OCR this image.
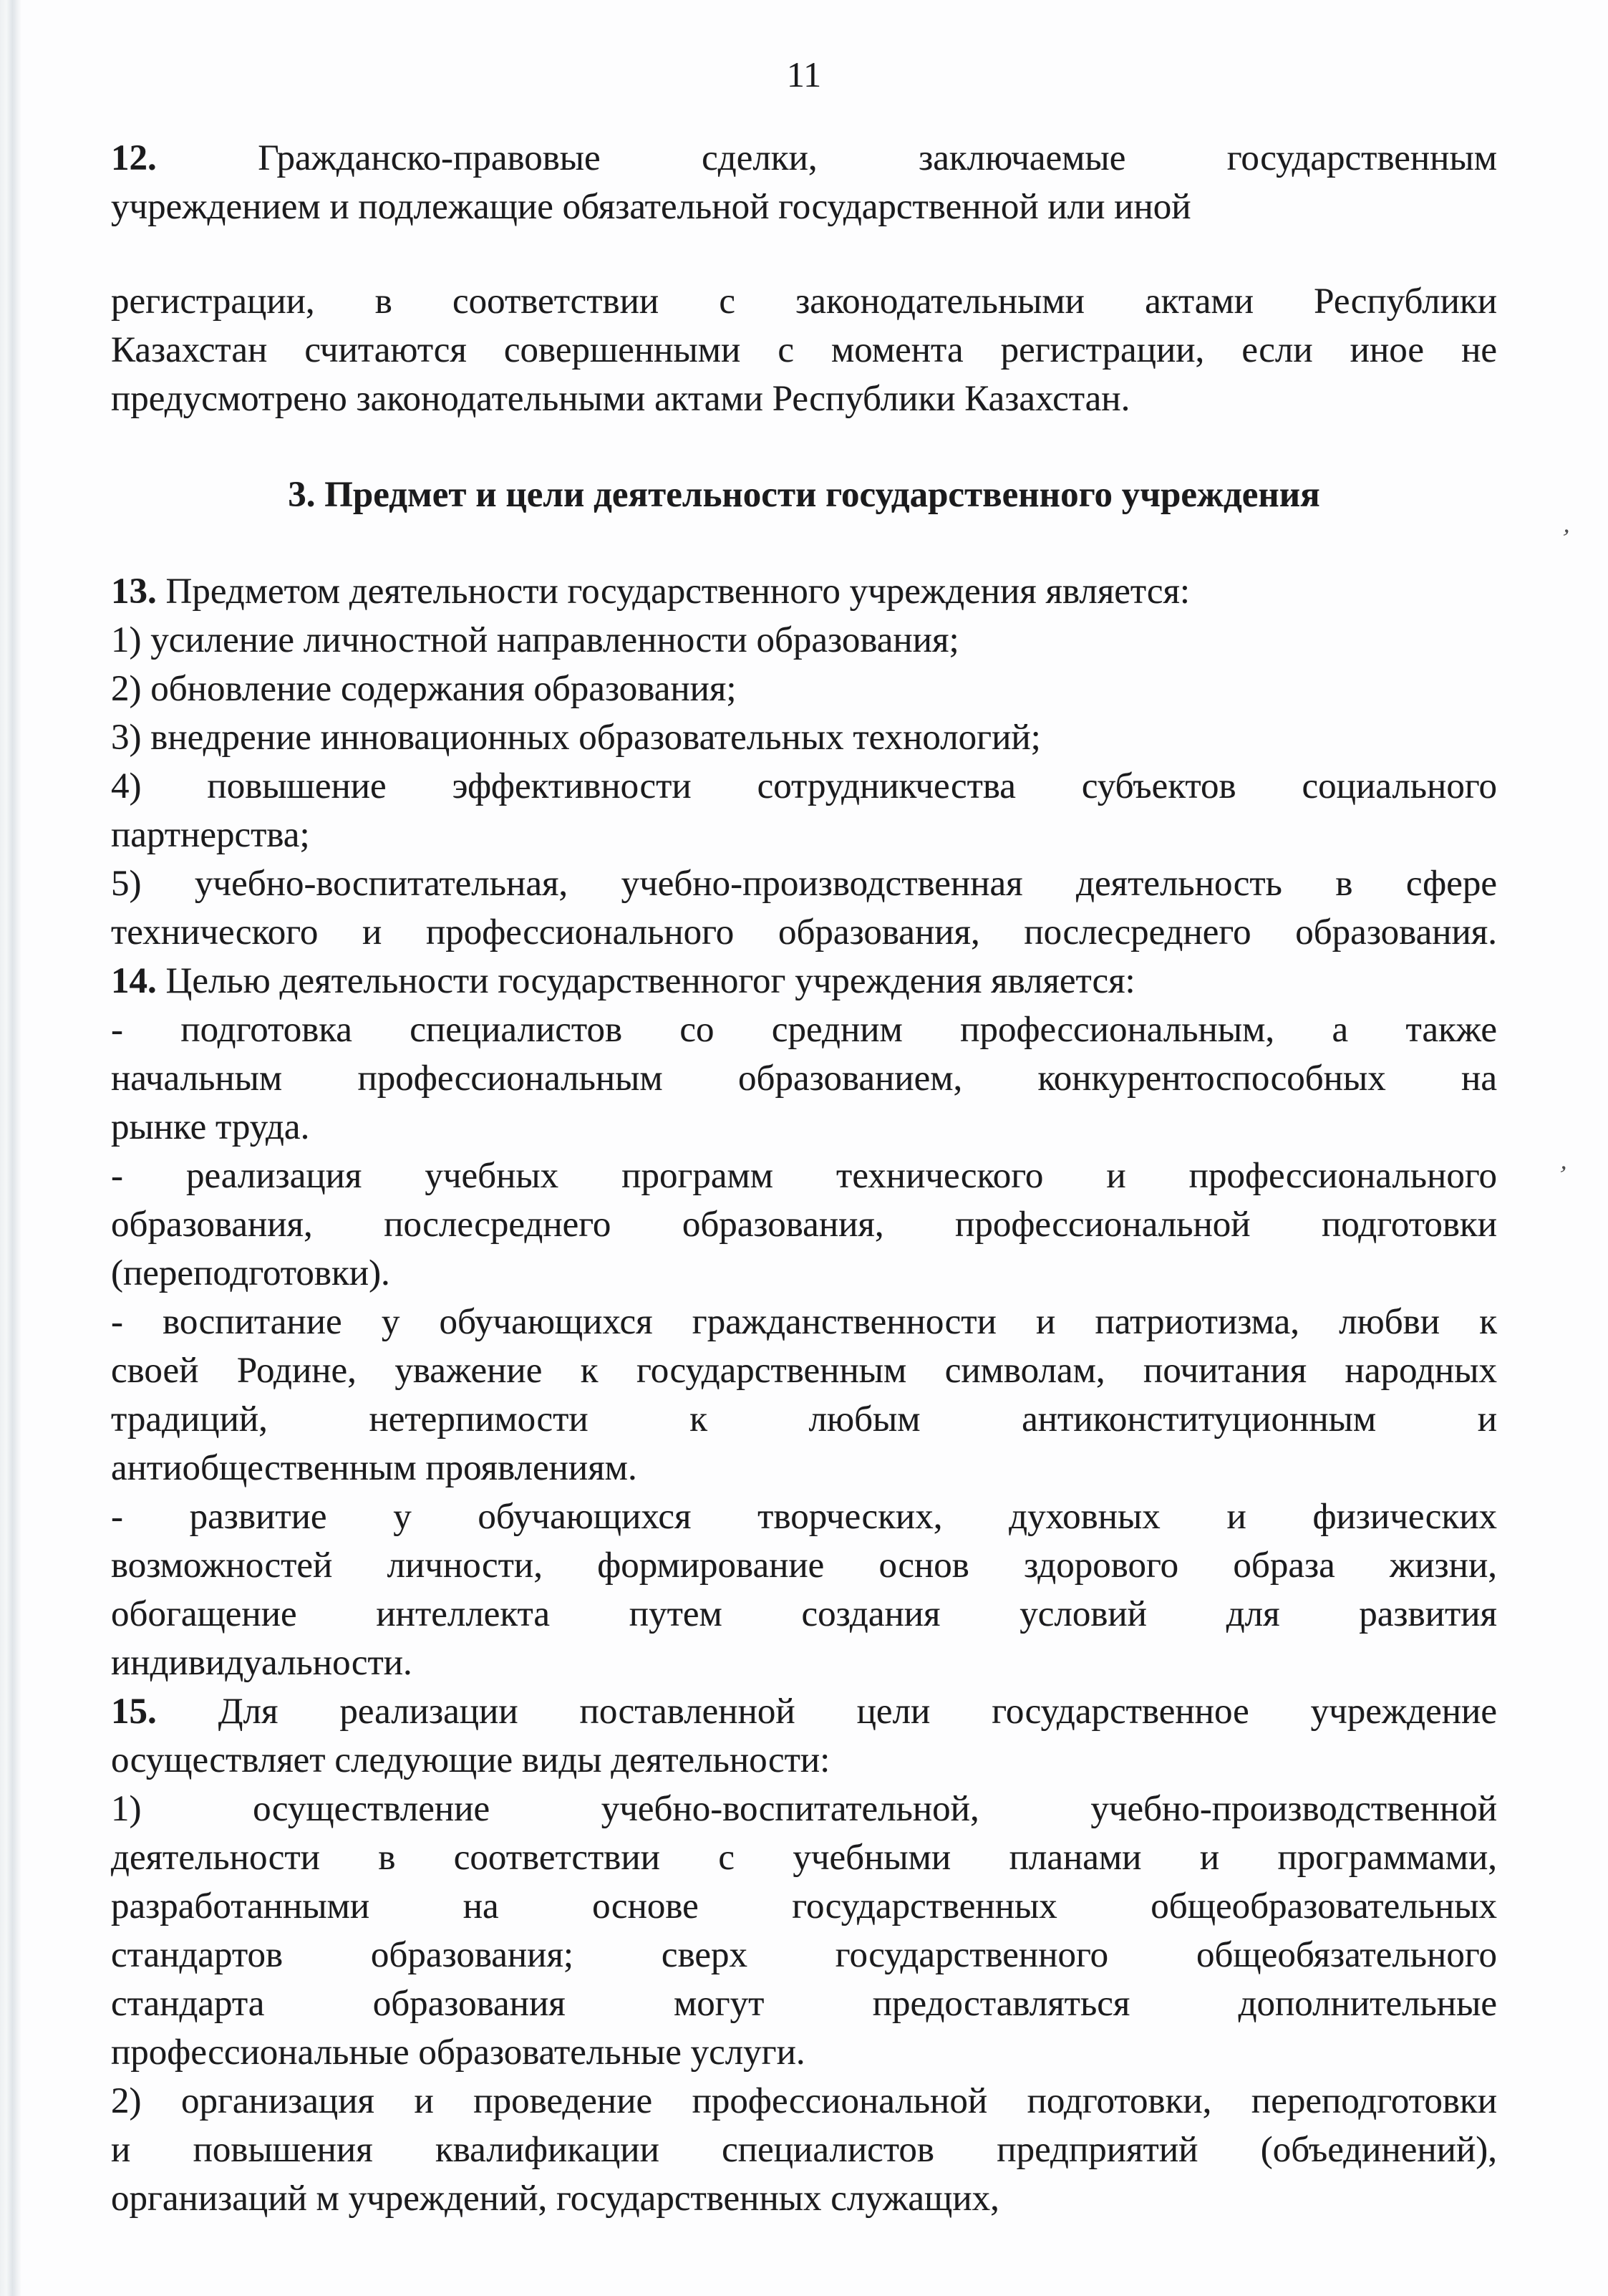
11
12. Гражданско-правовые сделки, заключаемые государственным
учреждением и подлежащие обязательной государственной или иной
регистрации, в соответствии с законодательными актами Республики
Казахстан считаются совершенными с момента регистрации, если иное не
предусмотрено законодательными актами Республики Казахстан.
3. Предмет и цели деятельности государственного учреждения
13. Предметом деятельности государственного учреждения является:
1) усиление личностной направленности образования;
2) обновление содержания образования;
3) внедрение инновационных образовательных технологий;
4) повышение эффективности сотрудникчества субъектов социального
партнерства;
5) учебно-воспитательная, учебно-производственная деятельность в сфере
технического и профессионального образования, послесреднего образования.
14. Целью деятельности государственногог учреждения является:
- подготовка специалистов со средним профессиональным, а также
начальным профессиональным образованием, конкурентоспособных на
рынке труда.
- реализация учебных программ технического и профессионального
образования, послесреднего образования, профессиональной подготовки
(переподготовки).
- воспитание у обучающихся гражданственности и патриотизма, любви к
своей Родине, уважение к государственным символам, почитания народных
традиций, нетерпимости к любым антиконституционным и
антиобщественным проявлениям.
- развитие у обучающихся творческих, духовных и физических
возможностей личности, формирование основ здорового образа жизни,
обогащение интеллекта путем создания условий для развития
индивидуальности.
15. Для реализации поставленной цели государственное учреждение
осуществляет следующие виды деятельности:
1) осуществление учебно-воспитательной, учебно-производственной
деятельности в соответствии с учебными планами и программами,
разработанными на основе государственных общеобразовательных
стандартов образования; сверх государственного общеобязательного
стандарта образования могут предоставляться дополнительные
профессиональные образовательные услуги.
2) организация и проведение профессиональной подготовки, переподготовки
и повышения квалификации специалистов предприятий (объединений),
организаций м учреждений, государственных служащих,
’
’
